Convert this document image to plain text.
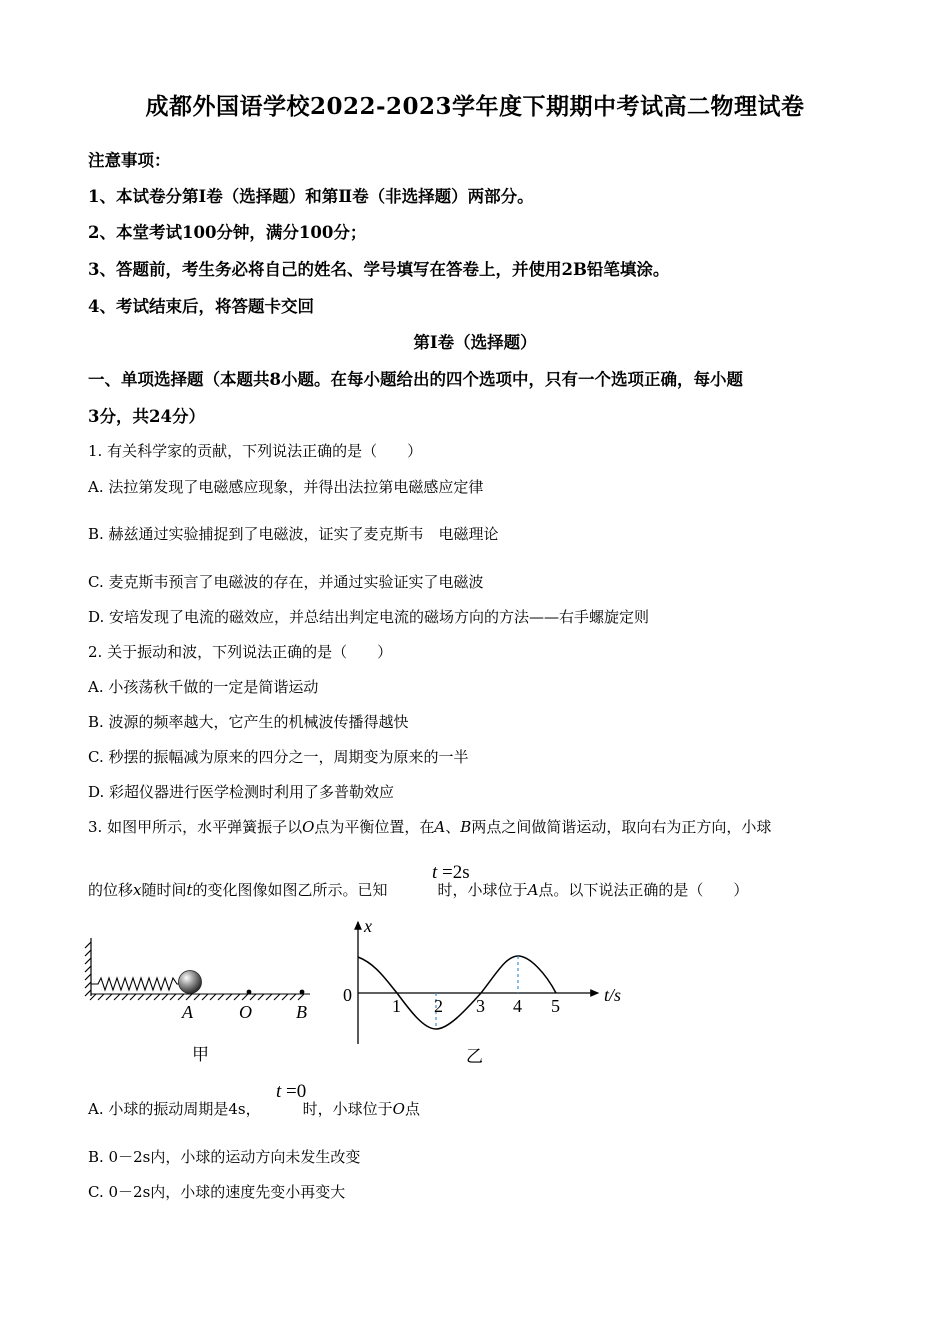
成都外国语学校2022-2023学年度下期期中考试高二物理试卷
注意事项：
1、本试卷分第Ⅰ卷（选择题）和第Ⅱ卷（非选择题）两部分。
2、本堂考试100分钟，满分100分；
3、答题前，考生务必将自己的姓名、学号填写在答卷上，并使用2B铅笔填涂。
4、考试结束后，将答题卡交回
第I卷（选择题）
一、单项选择题（本题共8小题。在每小题给出的四个选项中，只有一个选项正确，每小题
3分，共24分）
1. 有关科学家的贡献，下列说法正确的是（　　）
A. 法拉第发现了电磁感应现象，并得出法拉第电磁感应定律
B. 赫兹通过实验捕捉到了电磁波，证实了麦克斯韦　电磁理论
C. 麦克斯韦预言了电磁波的存在，并通过实验证实了电磁波
D. 安培发现了电流的磁效应，并总结出判定电流的磁场方向的方法——右手螺旋定则
2. 关于振动和波，下列说法正确的是（　　）
A. 小孩荡秋千做的一定是简谐运动
B. 波源的频率越大，它产生的机械波传播得越快
C. 秒摆的振幅减为原来的四分之一，周期变为原来的一半
D. 彩超仪器进行医学检测时利用了多普勒效应
3. 如图甲所示，水平弹簧振子以O点为平衡位置，在A、B两点之间做简谐运动，取向右为正方向，小球
的位移x随时间t的变化图像如图乙所示。已知	时，小球位于A点。以下说法正确的是（　　）
t =2s
A	O B
甲
x
0
1 2 3 4 5
t/s
乙
A. 小球的振动周期是4s，	时，小球位于O点
t =0
B. 0－2s内，小球的运动方向未发生改变
C. 0－2s内，小球的速度先变小再变大
